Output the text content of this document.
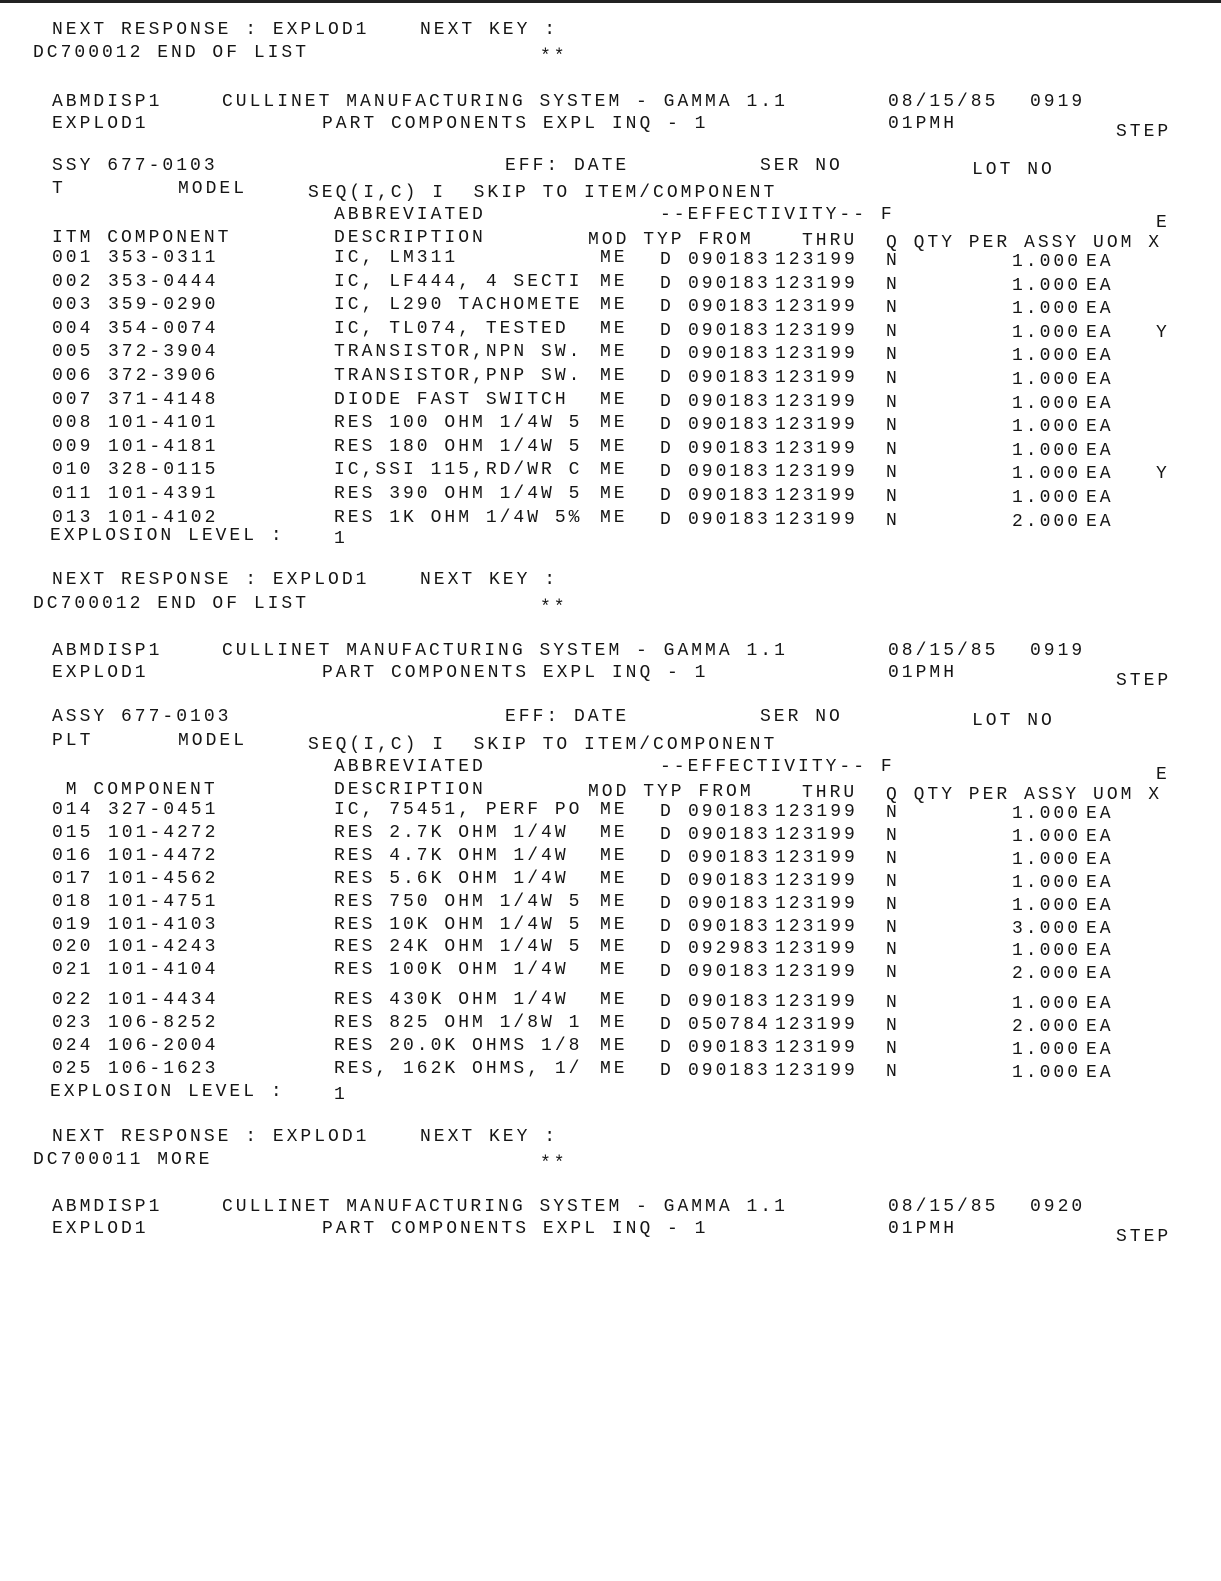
NEXT RESPONSE : EXPLOD1	NEXT KEY :
DC700012 END OF LIST	**
ABMDISP1	CULLINET MANUFACTURING SYSTEM - GAMMA 1.1	08/15/85 0919
EXPLOD1	PART COMPONENTS EXPL INQ - 1	01PMH	STEP
SSY 677-0103	EFF: DATE	SER NO	LOT NO
T	MODEL	SEQ(I,C) I  SKIP TO ITEM/COMPONENT
ABBREVIATED	--EFFECTIVITY-- F	E
ITM COMPONENT	DESCRIPTION	MOD TYP FROM	THRU Q QTY PER ASSY UOM X
001 353-0311	IC, LM311	ME D 090183 123199 N	1.000 EA
002 353-0444	IC, LF444, 4 SECTI ME D 090183 123199 N	1.000 EA
003 359-0290	IC, L290 TACHOMETE ME D 090183 123199 N	1.000 EA
004 354-0074	IC, TL074, TESTED ME D 090183 123199 N	1.000 EA Y
005 372-3904	TRANSISTOR,NPN SW. ME D 090183 123199 N	1.000 EA
006 372-3906	TRANSISTOR,PNP SW. ME D 090183 123199 N	1.000 EA
007 371-4148	DIODE FAST SWITCH ME D 090183 123199 N	1.000 EA
008 101-4101	RES 100 OHM 1/4W 5 ME D 090183 123199 N	1.000 EA
009 101-4181	RES 180 OHM 1/4W 5 ME D 090183 123199 N	1.000 EA
010 328-0115	IC,SSI 115,RD/WR C ME D 090183 123199 N	1.000 EA Y
011 101-4391	RES 390 OHM 1/4W 5 ME D 090183 123199 N	1.000 EA
013 101-4102	RES 1K OHM 1/4W 5% ME D 090183 123199 N	2.000 EA
EXPLOSION LEVEL :	1
NEXT RESPONSE : EXPLOD1	NEXT KEY :
DC700012 END OF LIST	**
ABMDISP1	CULLINET MANUFACTURING SYSTEM - GAMMA 1.1	08/15/85 0919
EXPLOD1	PART COMPONENTS EXPL INQ - 1	01PMH	STEP
ASSY 677-0103	EFF: DATE	SER NO	LOT NO
PLT	MODEL	SEQ(I,C) I  SKIP TO ITEM/COMPONENT
ABBREVIATED	--EFFECTIVITY-- F	E
M COMPONENT	DESCRIPTION	MOD TYP FROM	THRU Q QTY PER ASSY UOM X
014 327-0451	IC, 75451, PERF PO ME D 090183 123199 N	1.000 EA
015 101-4272	RES 2.7K OHM 1/4W ME D 090183 123199 N	1.000 EA
016 101-4472	RES 4.7K OHM 1/4W ME D 090183 123199 N	1.000 EA
017 101-4562	RES 5.6K OHM 1/4W ME D 090183 123199 N	1.000 EA
018 101-4751	RES 750 OHM 1/4W 5 ME D 090183 123199 N	1.000 EA
019 101-4103	RES 10K OHM 1/4W 5 ME D 090183 123199 N	3.000 EA
020 101-4243	RES 24K OHM 1/4W 5 ME D 092983 123199 N	1.000 EA
021 101-4104	RES 100K OHM 1/4W ME D 090183 123199 N	2.000 EA
022 101-4434	RES 430K OHM 1/4W ME D 090183 123199 N	1.000 EA
023 106-8252	RES 825 OHM 1/8W 1 ME D 050784 123199 N	2.000 EA
024 106-2004	RES 20.0K OHMS 1/8 ME D 090183 123199 N	1.000 EA
025 106-1623	RES, 162K OHMS, 1/ ME D 090183 123199 N	1.000 EA
EXPLOSION LEVEL :	1
NEXT RESPONSE : EXPLOD1	NEXT KEY :
DC700011 MORE	**
ABMDISP1	CULLINET MANUFACTURING SYSTEM - GAMMA 1.1	08/15/85 0920
EXPLOD1	PART COMPONENTS EXPL INQ - 1	01PMH	STEP
